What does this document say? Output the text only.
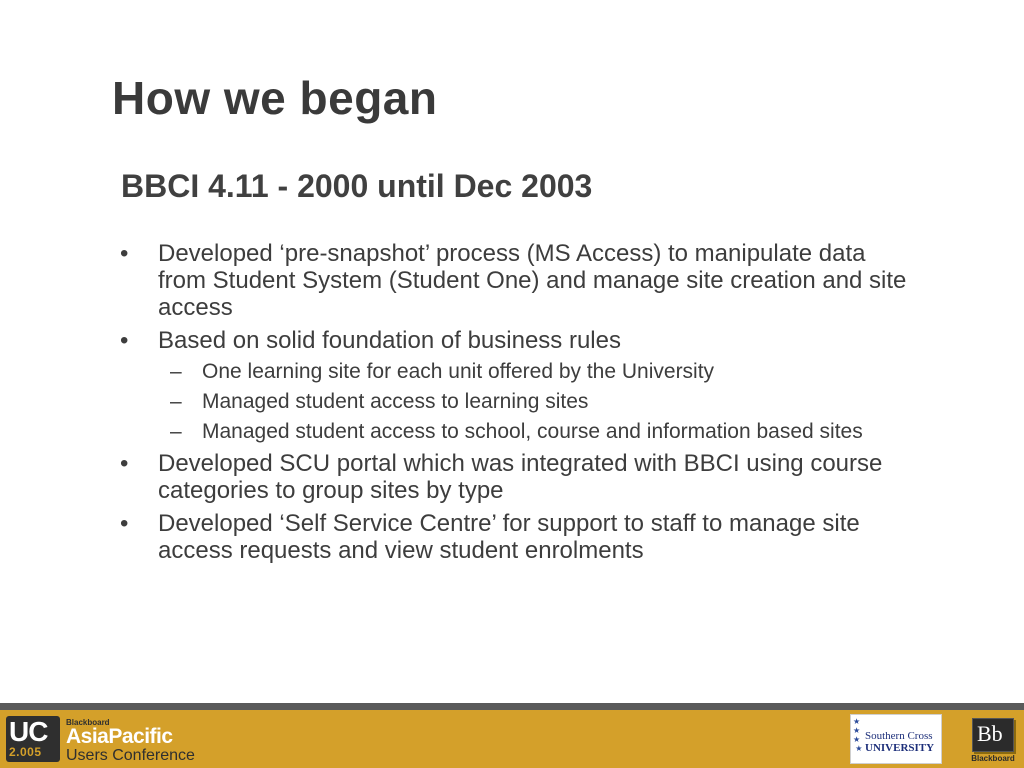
How we began
BBCI 4.11 - 2000 until Dec 2003
• Developed ‘pre-snapshot’ process (MS Access) to manipulate data from Student System (Student One) and manage site creation and site access
• Based on solid foundation of business rules
– One learning site for each unit offered by the University
– Managed student access to learning sites
– Managed student access to school, course and information based sites
• Developed SCU portal which was integrated with BBCI using course categories to group sites by type
• Developed ‘Self Service Centre’ for support to staff to manage site access requests and view student enrolments
UC
2.005
Blackboard
AsiaPacific
Users Conference
★
★ ★
★
Southern Cross
UNIVERSITY
Bb
Blackboard
